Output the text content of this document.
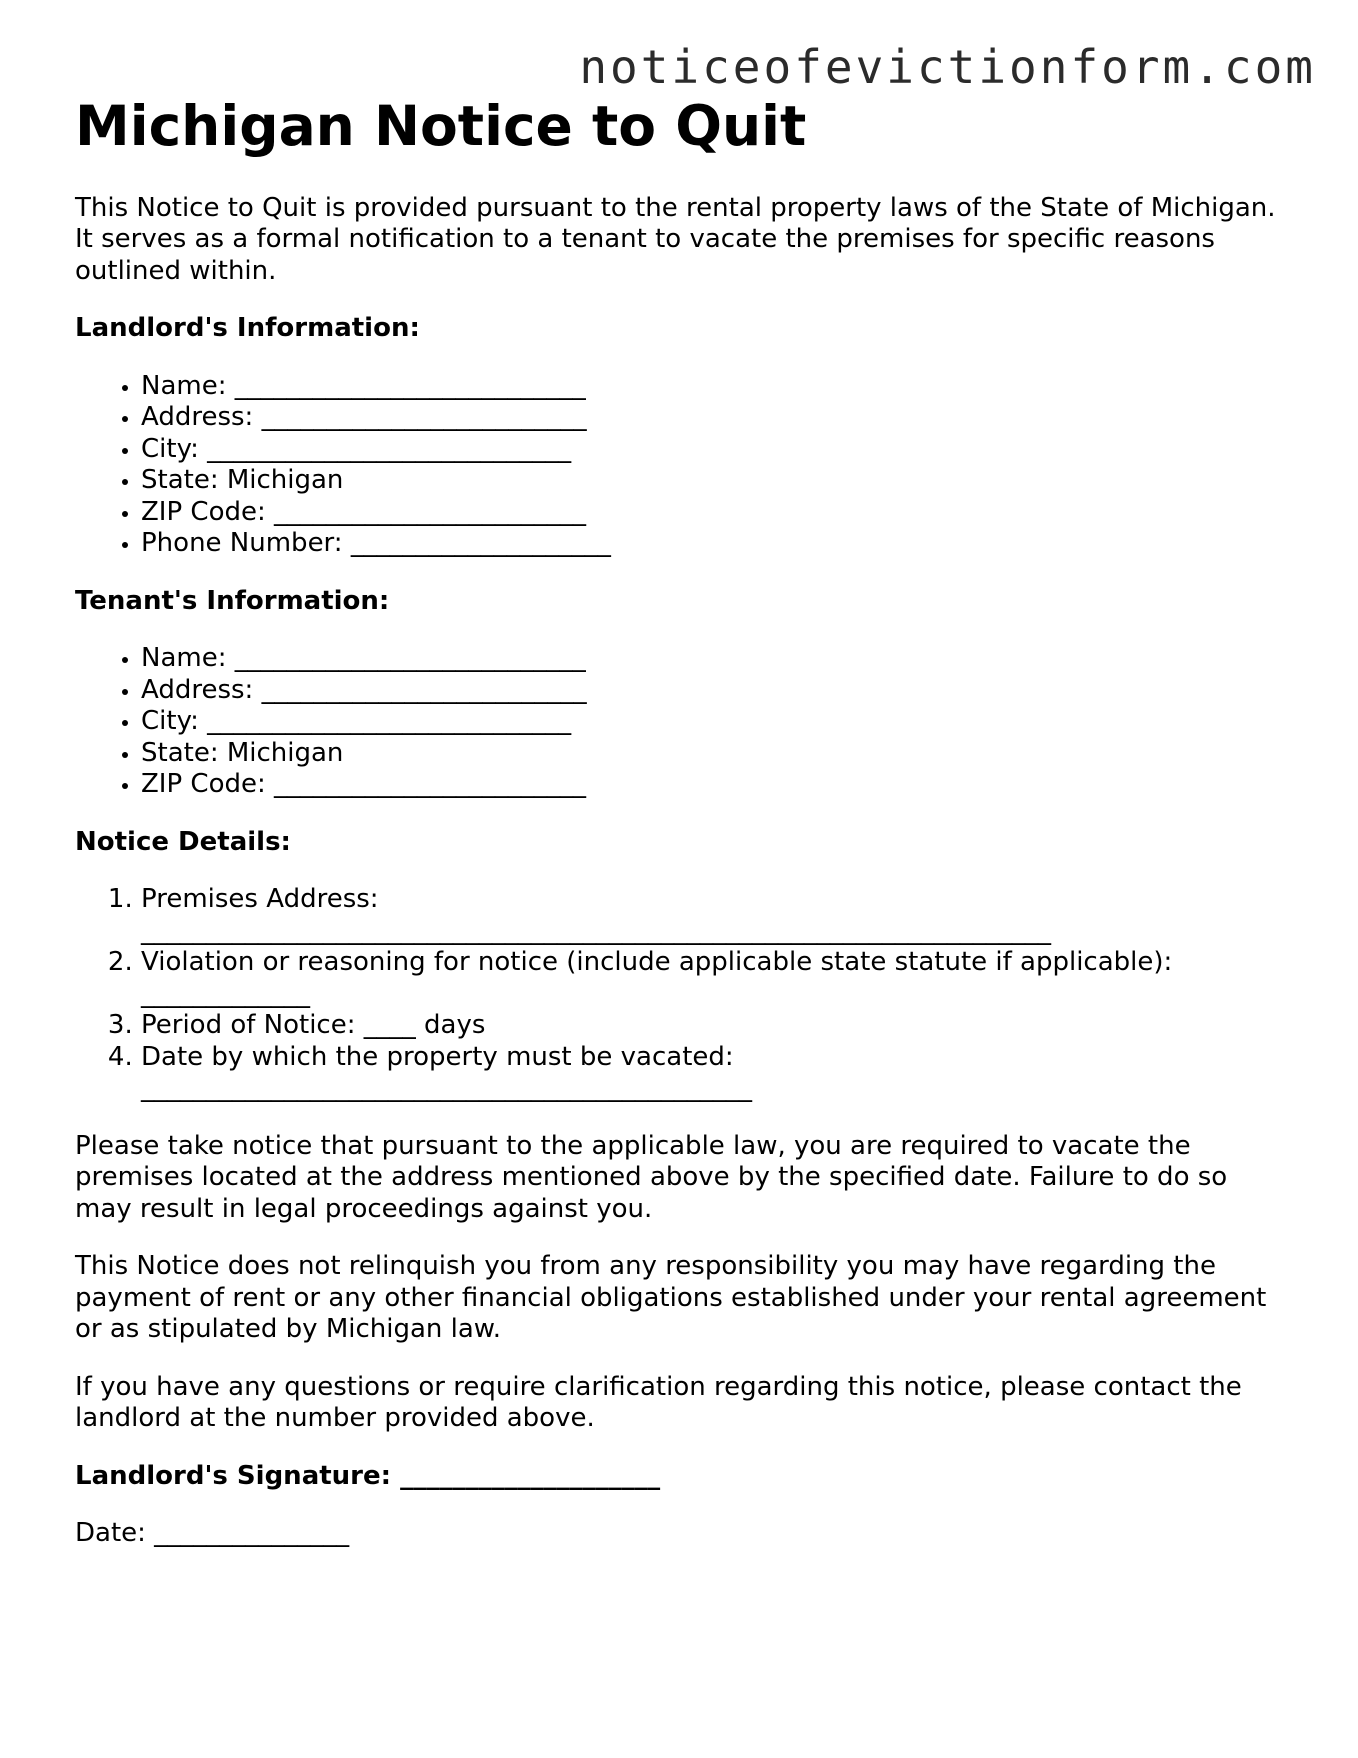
noticeofevictionform.com
Michigan Notice to Quit

This Notice to Quit is provided pursuant to the rental property laws of the State of Michigan. It serves as a formal notification to a tenant to vacate the premises for specific reasons outlined within.

Landlord's Information:
• Name: ___________________________
• Address: _________________________
• City: ____________________________
• State: Michigan
• ZIP Code: ________________________
• Phone Number: ____________________
Tenant's Information:
• Name: ___________________________
• Address: _________________________
• City: ____________________________
• State: Michigan
• ZIP Code: ________________________
Notice Details:
1. Premises Address:
______________________________________________________________________
2. Violation or reasoning for notice (include applicable state statute if applicable):
_____________
3. Period of Notice: ____ days
4. Date by which the property must be vacated:
_______________________________________________

Please take notice that pursuant to the applicable law, you are required to vacate the premises located at the address mentioned above by the specified date. Failure to do so may result in legal proceedings against you.

This Notice does not relinquish you from any responsibility you may have regarding the payment of rent or any other financial obligations established under your rental agreement or as stipulated by Michigan law.

If you have any questions or require clarification regarding this notice, please contact the landlord at the number provided above.

Landlord's Signature: ____________________

Date: _______________
